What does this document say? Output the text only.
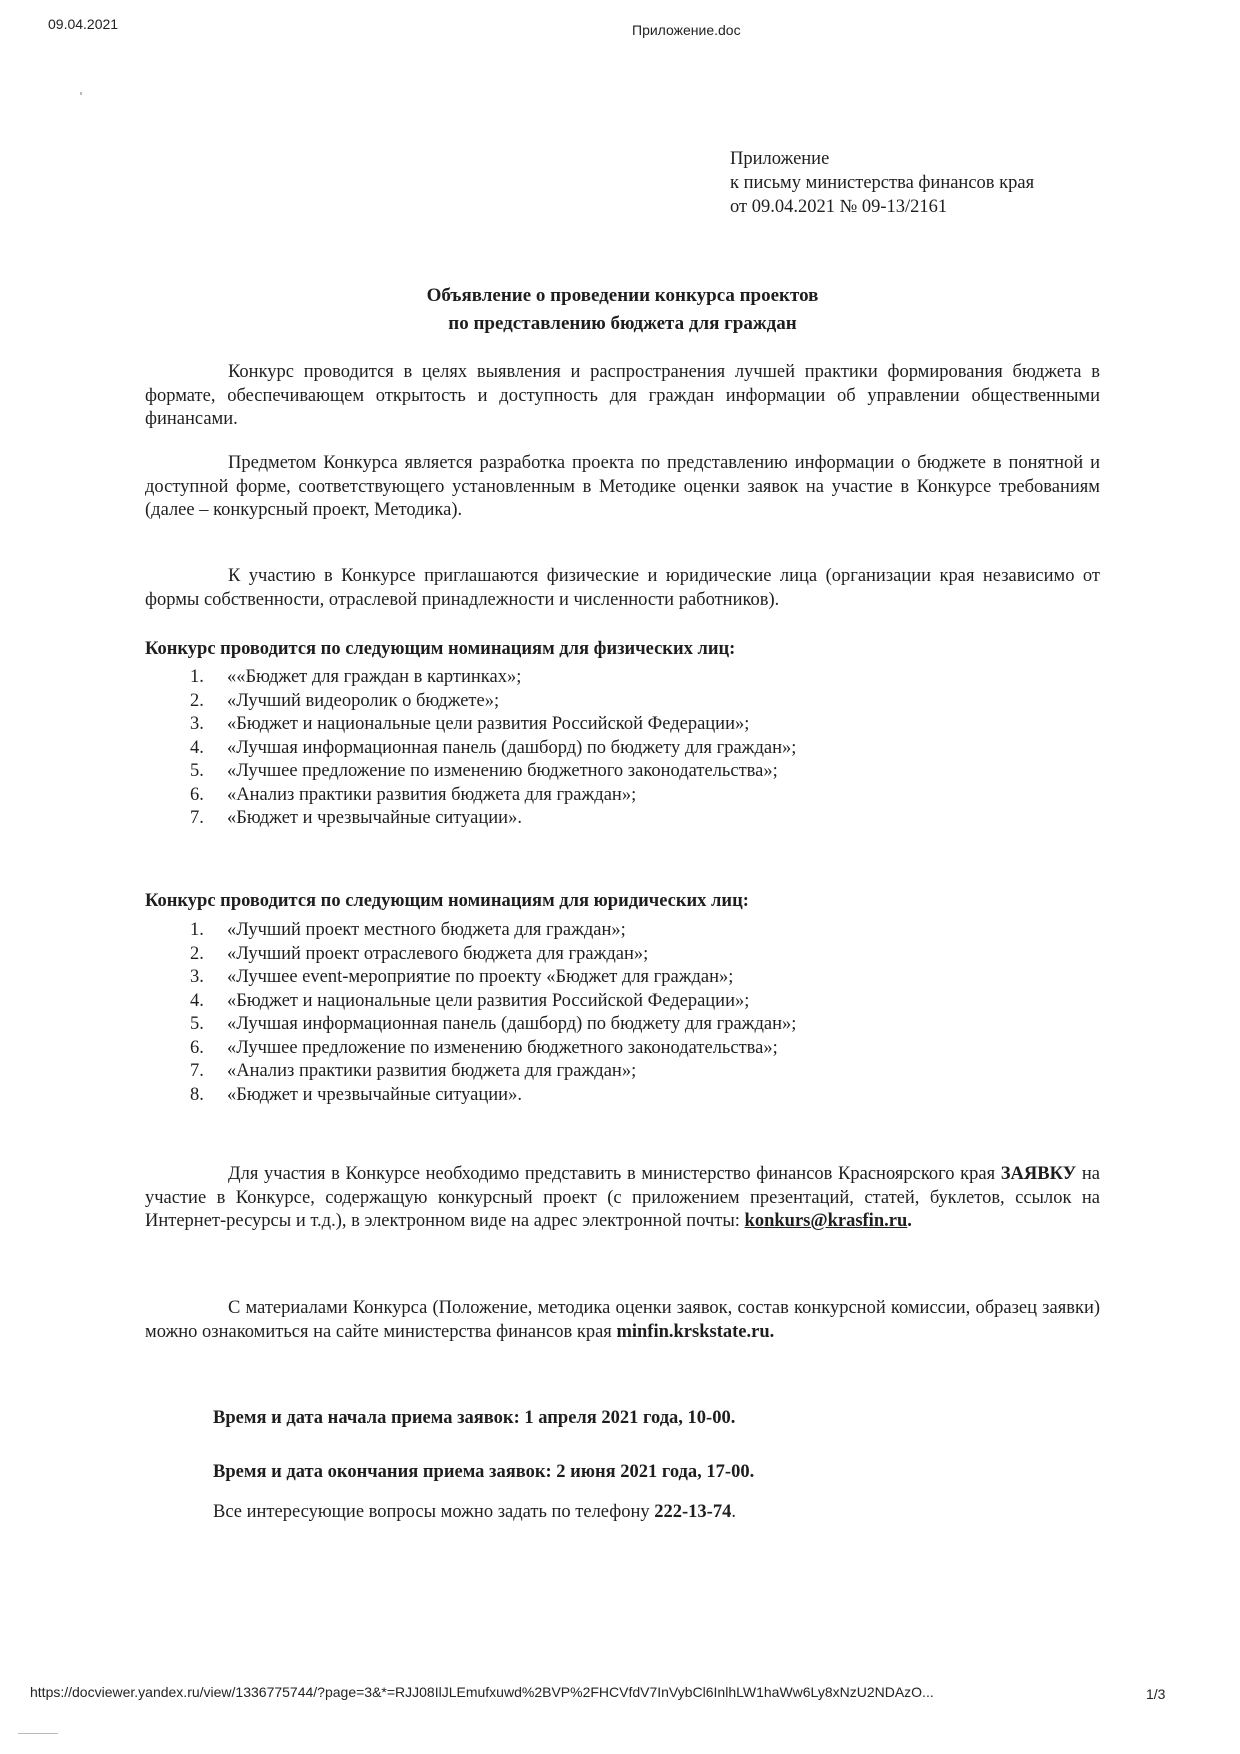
09.04.2021	Приложение.doc
Приложение
к письму министерства финансов края
от 09.04.2021 № 09-13/2161
Объявление о проведении конкурса проектов
по представлению бюджета для граждан

Конкурс проводится в целях выявления и распространения лучшей практики формирования бюджета в формате, обеспечивающем открытость и доступность для граждан информации об управлении общественными финансами.

Предметом Конкурса является разработка проекта по представлению информации о бюджете в понятной и доступной форме, соответствующего установленным в Методике оценки заявок на участие в Конкурсе требованиям (далее – конкурсный проект, Методика).

К участию в Конкурсе приглашаются физические и юридические лица (организации края независимо от формы собственности, отраслевой принадлежности и численности работников).

Конкурс проводится по следующим номинациям для физических лиц:
1.	««Бюджет для граждан в картинках»;
2.	«Лучший видеоролик о бюджете»;
3.	«Бюджет и национальные цели развития Российской Федерации»;
4.	«Лучшая информационная панель (дашборд) по бюджету для граждан»;
5.	«Лучшее предложение по изменению бюджетного законодательства»;
6.	«Анализ практики развития бюджета для граждан»;
7.	«Бюджет и чрезвычайные ситуации».
Конкурс проводится по следующим номинациям для юридических лиц:
1.	«Лучший проект местного бюджета для граждан»;
2.	«Лучший проект отраслевого бюджета для граждан»;
3.	«Лучшее event-мероприятие по проекту «Бюджет для граждан»;
4.	«Бюджет и национальные цели развития Российской Федерации»;
5.	«Лучшая информационная панель (дашборд) по бюджету для граждан»;
6.	«Лучшее предложение по изменению бюджетного законодательства»;
7.	«Анализ практики развития бюджета для граждан»;
8.	«Бюджет и чрезвычайные ситуации».

Для участия в Конкурсе необходимо представить в министерство финансов Красноярского края ЗАЯВКУ на участие в Конкурсе, содержащую конкурсный проект (с приложением презентаций, статей, буклетов, ссылок на Интернет-ресурсы и т.д.), в электронном виде на адрес электронной почты: konkurs@krasfin.ru.

С материалами Конкурса (Положение, методика оценки заявок, состав конкурсной комиссии, образец заявки) можно ознакомиться на сайте министерства финансов края minfin.krskstate.ru.

Время и дата начала приема заявок: 1 апреля 2021 года, 10-00.
Время и дата окончания приема заявок: 2 июня 2021 года, 17-00.
Все интересующие вопросы можно задать по телефону 222-13-74.
https://docviewer.yandex.ru/view/1336775744/?page=3&*=RJJ08IlJLEmufxuwd%2BVP%2FHCVfdV7InVybCl6InlhLW1haWw6Ly8xNzU2NDAzO...	1/3
